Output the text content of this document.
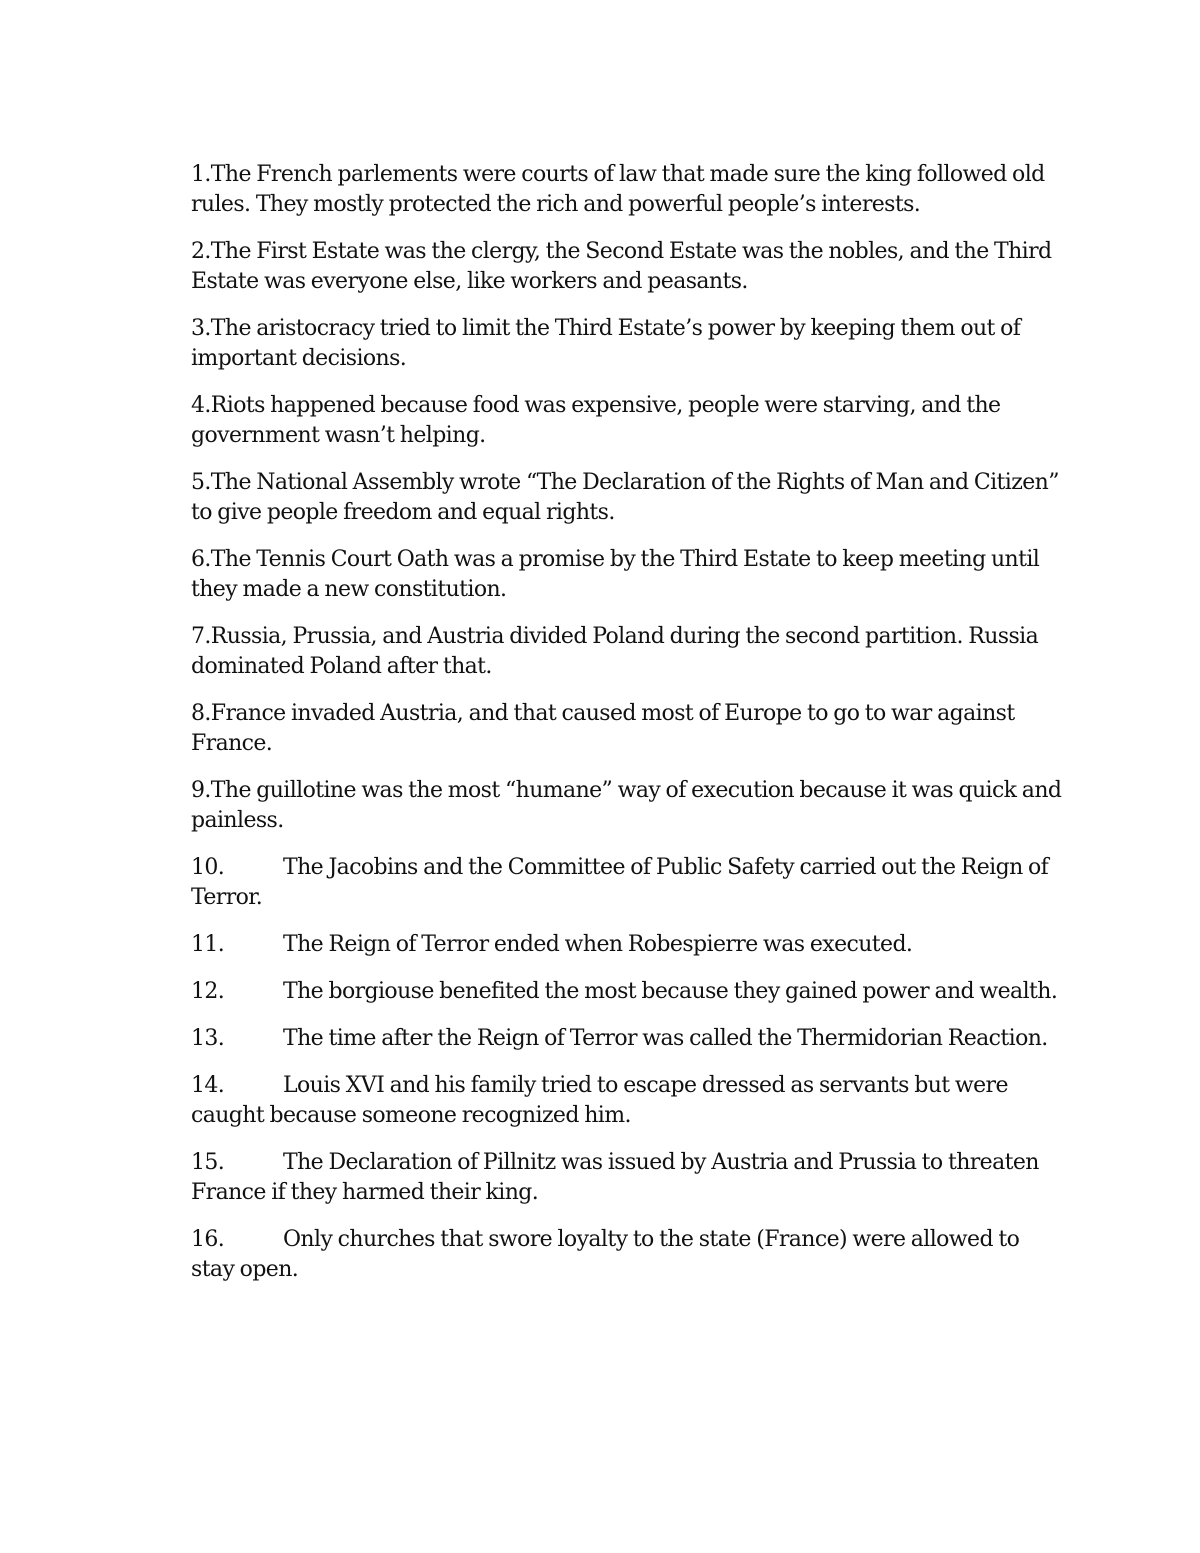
1.The French parlements were courts of law that made sure the king followed old rules. They mostly protected the rich and powerful people’s interests.

2.The First Estate was the clergy, the Second Estate was the nobles, and the Third Estate was everyone else, like workers and peasants.

3.The aristocracy tried to limit the Third Estate’s power by keeping them out of important decisions.

4.Riots happened because food was expensive, people were starving, and the government wasn’t helping.

5.The National Assembly wrote “The Declaration of the Rights of Man and Citizen” to give people freedom and equal rights.

6.The Tennis Court Oath was a promise by the Third Estate to keep meeting until they made a new constitution.

7.Russia, Prussia, and Austria divided Poland during the second partition. Russia dominated Poland after that.

8.France invaded Austria, and that caused most of Europe to go to war against France.

9.The guillotine was the most “humane” way of execution because it was quick and painless.

10.	The Jacobins and the Committee of Public Safety carried out the Reign of Terror.

11.	The Reign of Terror ended when Robespierre was executed.

12.	The borgiouse benefited the most because they gained power and wealth.

13.	The time after the Reign of Terror was called the Thermidorian Reaction.

14.	Louis XVI and his family tried to escape dressed as servants but were caught because someone recognized him.

15.	The Declaration of Pillnitz was issued by Austria and Prussia to threaten France if they harmed their king.

16.	Only churches that swore loyalty to the state (France) were allowed to stay open.
